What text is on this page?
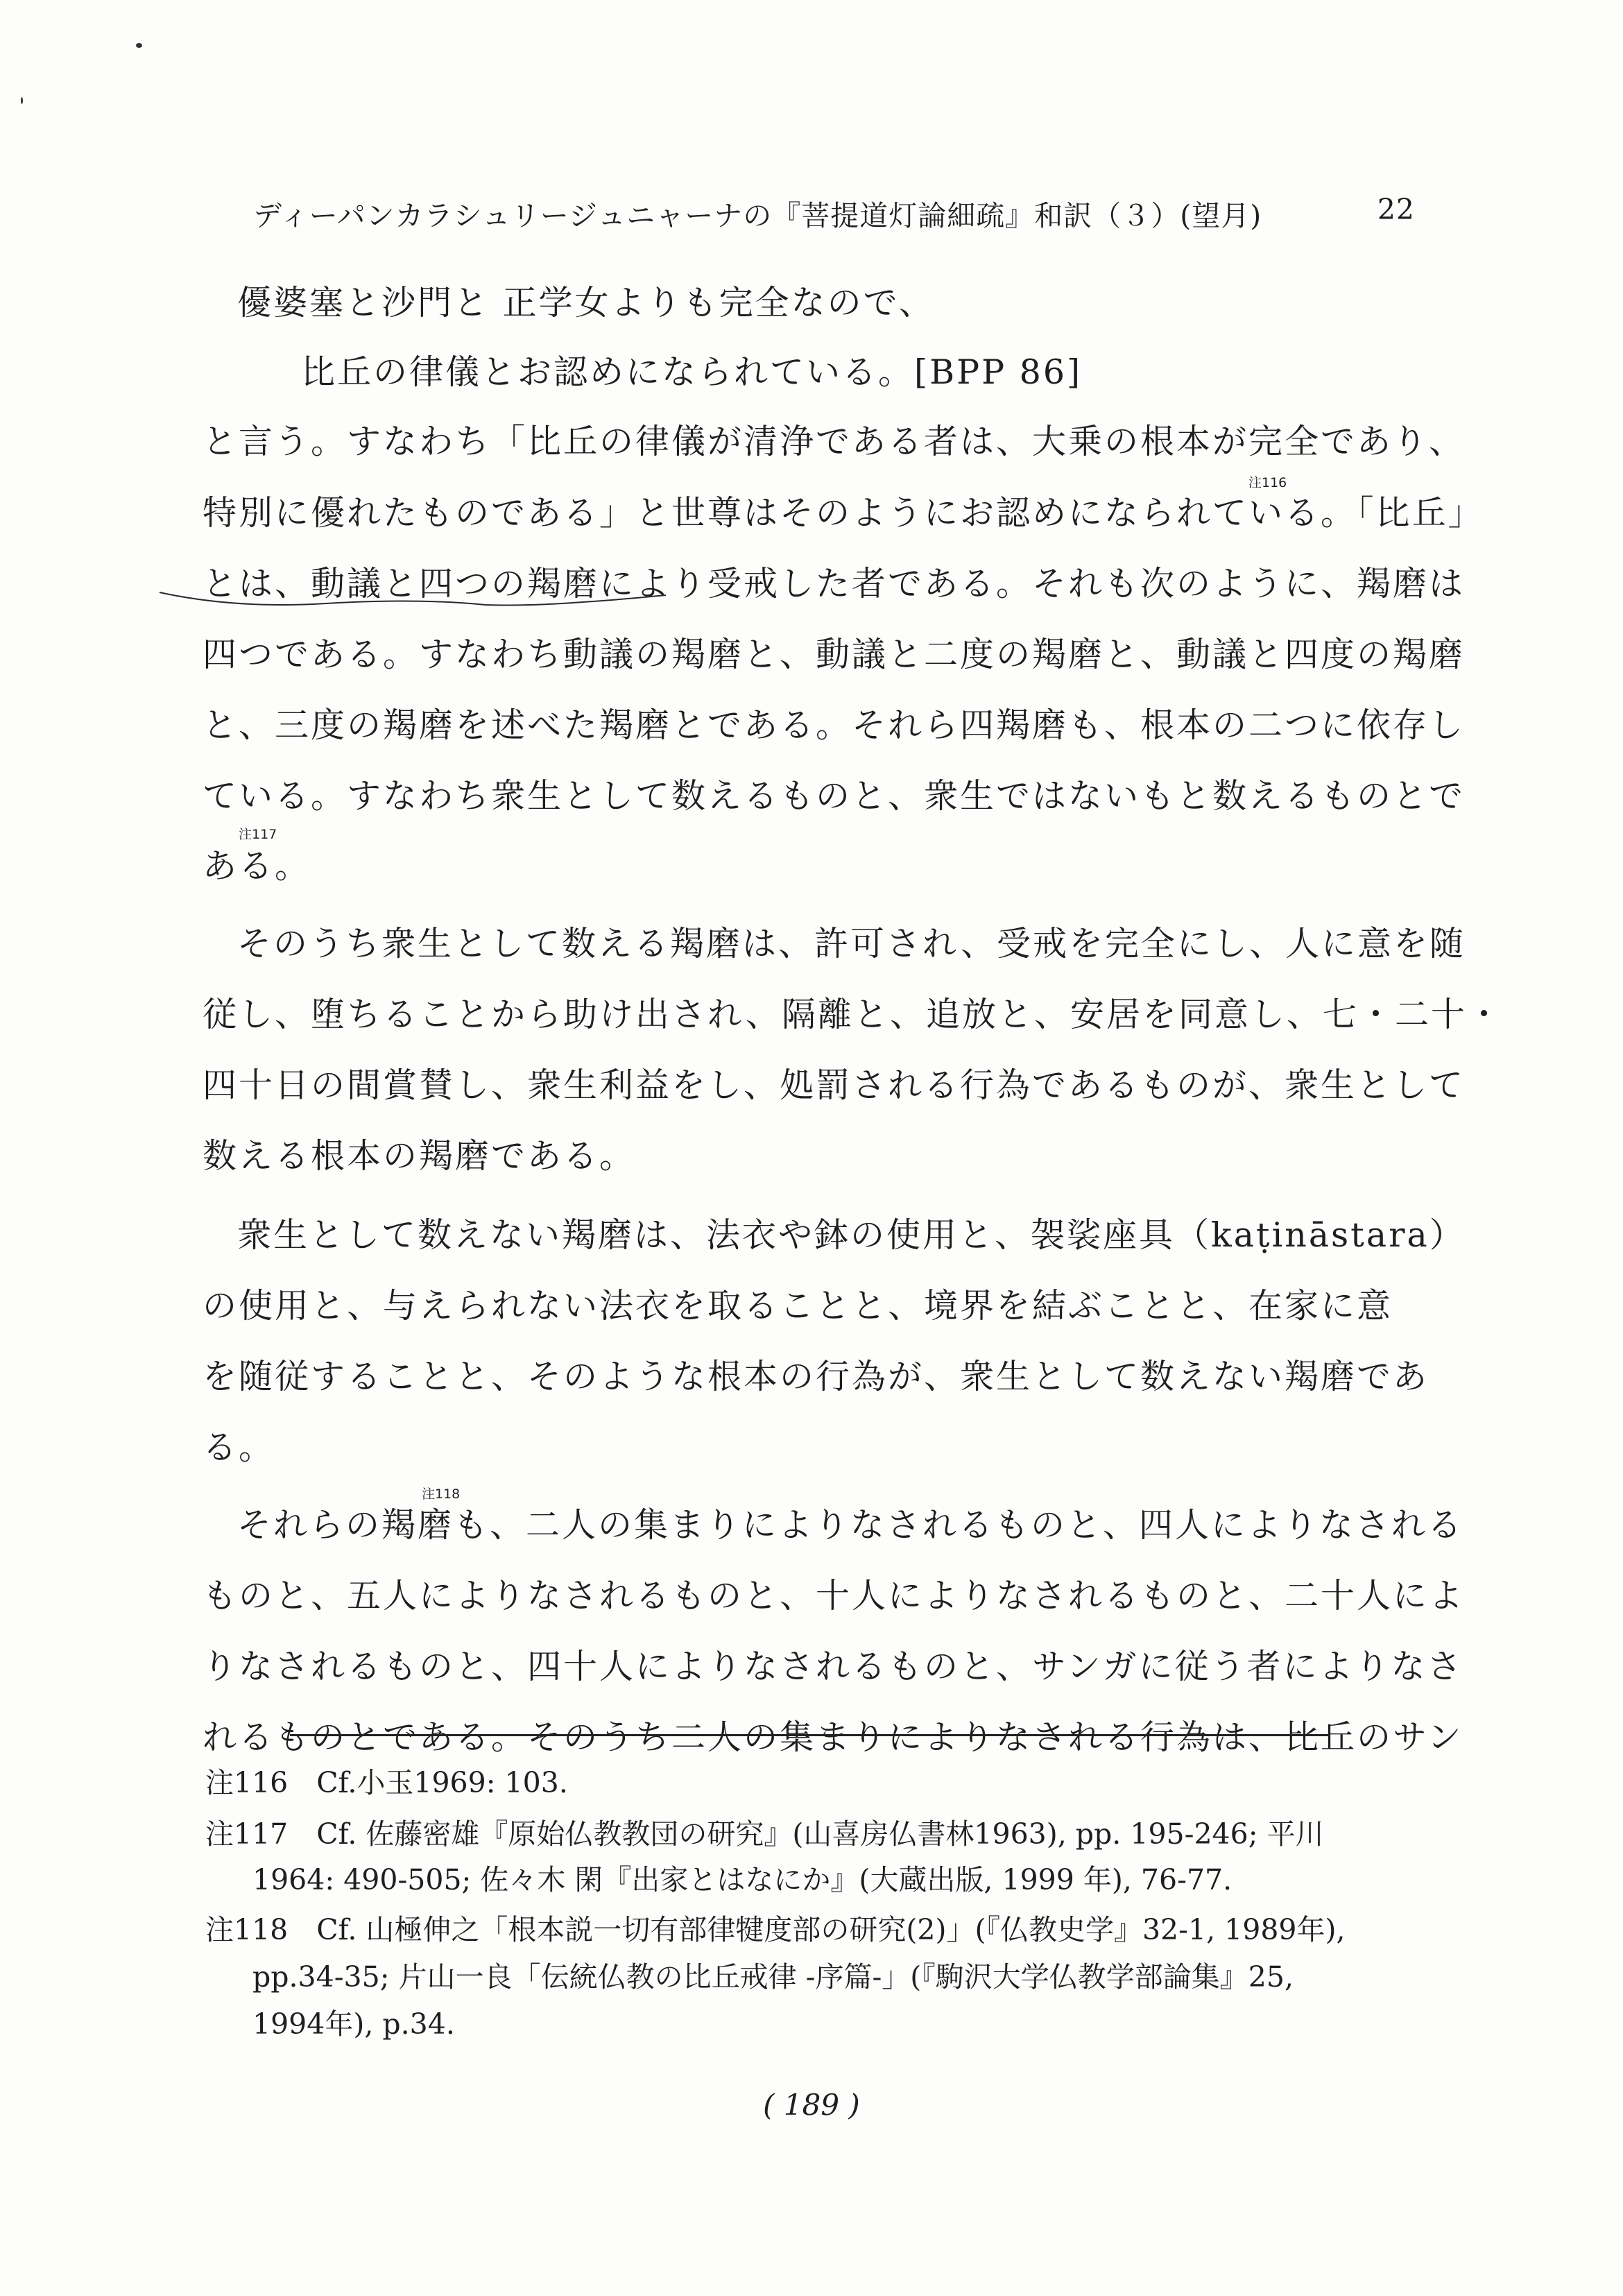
ディーパンカラシュリージュニャーナの『菩提道灯論細疏』和訳（３）(望月)	22
優婆塞と沙門と 正学女よりも完全なので、
比丘の律儀とお認めになられている。[BPP 86]
と言う。すなわち「比丘の律儀が清浄である者は、大乗の根本が完全であり、
特別に優れたものである」と世尊はそのようにお認めになられている。「比丘」
注116
とは、動議と四つの羯磨により受戒した者である。それも次のように、羯磨は
四つである。すなわち動議の羯磨と、動議と二度の羯磨と、動議と四度の羯磨
と、三度の羯磨を述べた羯磨とである。それら四羯磨も、根本の二つに依存し
ている。すなわち衆生として数えるものと、衆生ではないもと数えるものとで
ある。
注117
そのうち衆生として数える羯磨は、許可され、受戒を完全にし、人に意を随
従し、堕ちることから助け出され、隔離と、追放と、安居を同意し、七・二十・
四十日の間賞賛し、衆生利益をし、処罰される行為であるものが、衆生として
数える根本の羯磨である。
衆生として数えない羯磨は、法衣や鉢の使用と、袈裟座具（kaṭināstara）
の使用と、与えられない法衣を取ることと、境界を結ぶことと、在家に意
を随従することと、そのような根本の行為が、衆生として数えない羯磨であ
る。
それらの羯磨も、二人の集まりによりなされるものと、四人によりなされる
注118
ものと、五人によりなされるものと、十人によりなされるものと、二十人によ
りなされるものと、四十人によりなされるものと、サンガに従う者によりなさ
れるものとである。そのうち二人の集まりによりなされる行為は、比丘のサン
注116　Cf.小玉1969: 103.
注117　Cf. 佐藤密雄『原始仏教教団の研究』(山喜房仏書林1963), pp. 195-246; 平川
1964: 490-505; 佐々木 閑『出家とはなにか』(大蔵出版, 1999 年), 76-77.
注118　Cf. 山極伸之「根本説一切有部律犍度部の研究(2)」(『仏教史学』32-1, 1989年),
pp.34-35; 片山一良「伝統仏教の比丘戒律 -序篇-」(『駒沢大学仏教学部論集』25,
1994年), p.34.
( 189 )
